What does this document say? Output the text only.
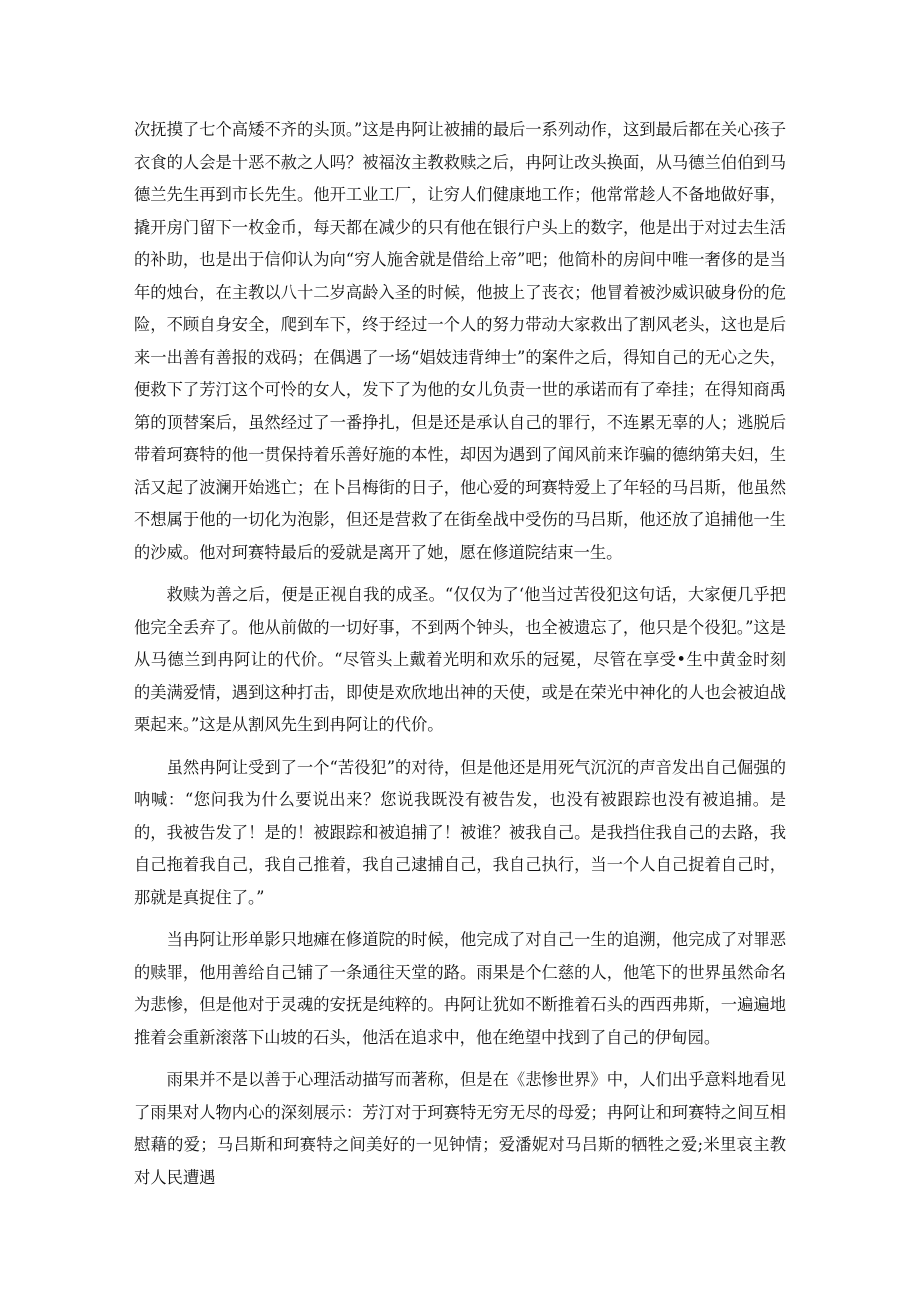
次抚摸了七个高矮不齐的头顶。”这是冉阿让被捕的最后一系列动作，这到最后都在关心孩子衣食的人会是十恶不赦之人吗？被福汝主教救赎之后，冉阿让改头换面，从马德兰伯伯到马德兰先生再到市长先生。他开工业工厂，让穷人们健康地工作；他常常趁人不备地做好事，撬开房门留下一枚金币，每天都在减少的只有他在银行户头上的数字，他是出于对过去生活的补助，也是出于信仰认为向“穷人施舍就是借给上帝”吧；他简朴的房间中唯一奢侈的是当年的烛台，在主教以八十二岁高龄入圣的时候，他披上了丧衣；他冒着被沙威识破身份的危险，不顾自身安全，爬到车下，终于经过一个人的努力带动大家救出了割风老头，这也是后来一出善有善报的戏码；在偶遇了一场“娼妓违背绅士”的案件之后，得知自己的无心之失，便救下了芳汀这个可怜的女人，发下了为他的女儿负责一世的承诺而有了牵挂；在得知商禹第的顶替案后，虽然经过了一番挣扎，但是还是承认自己的罪行，不连累无辜的人；逃脱后带着珂赛特的他一贯保持着乐善好施的本性，却因为遇到了闻风前来诈骗的德纳第夫妇，生活又起了波澜开始逃亡；在卜吕梅街的日子，他心爱的珂赛特爱上了年轻的马吕斯，他虽然不想属于他的一切化为泡影，但还是营救了在街垒战中受伤的马吕斯，他还放了追捕他一生的沙威。他对珂赛特最后的爱就是离开了她，愿在修道院结束一生。

救赎为善之后，便是正视自我的成圣。“仅仅为了‘他当过苦役犯这句话，大家便几乎把他完全丢弃了。他从前做的一切好事，不到两个钟头，也全被遗忘了，他只是个役犯。”这是从马德兰到冉阿让的代价。“尽管头上戴着光明和欢乐的冠冕，尽管在享受•生中黄金时刻的美满爱情，遇到这种打击，即使是欢欣地出神的天使，或是在荣光中神化的人也会被迫战栗起来。”这是从割风先生到冉阿让的代价。

虽然冉阿让受到了一个“苦役犯”的对待，但是他还是用死气沉沉的声音发出自己倔强的呐喊：“您问我为什么要说出来？您说我既没有被告发，也没有被跟踪也没有被追捕。是的，我被告发了！是的！被跟踪和被追捕了！被谁？被我自己。是我挡住我自己的去路，我自己拖着我自己，我自己推着，我自己逮捕自己，我自己执行，当一个人自己捉着自己时，那就是真捉住了。”

当冉阿让形单影只地瘫在修道院的时候，他完成了对自己一生的追溯，他完成了对罪恶的赎罪，他用善给自己铺了一条通往天堂的路。雨果是个仁慈的人，他笔下的世界虽然命名为悲惨，但是他对于灵魂的安抚是纯粹的。冉阿让犹如不断推着石头的西西弗斯，一遍遍地推着会重新滚落下山坡的石头，他活在追求中，他在绝望中找到了自己的伊甸园。

雨果并不是以善于心理活动描写而著称，但是在《悲惨世界》中，人们出乎意料地看见了雨果对人物内心的深刻展示：芳汀对于珂赛特无穷无尽的母爱；冉阿让和珂赛特之间互相慰藉的爱；马吕斯和珂赛特之间美好的一见钟情；爱潘妮对马吕斯的牺牲之爱;米里哀主教对人民遭遇
